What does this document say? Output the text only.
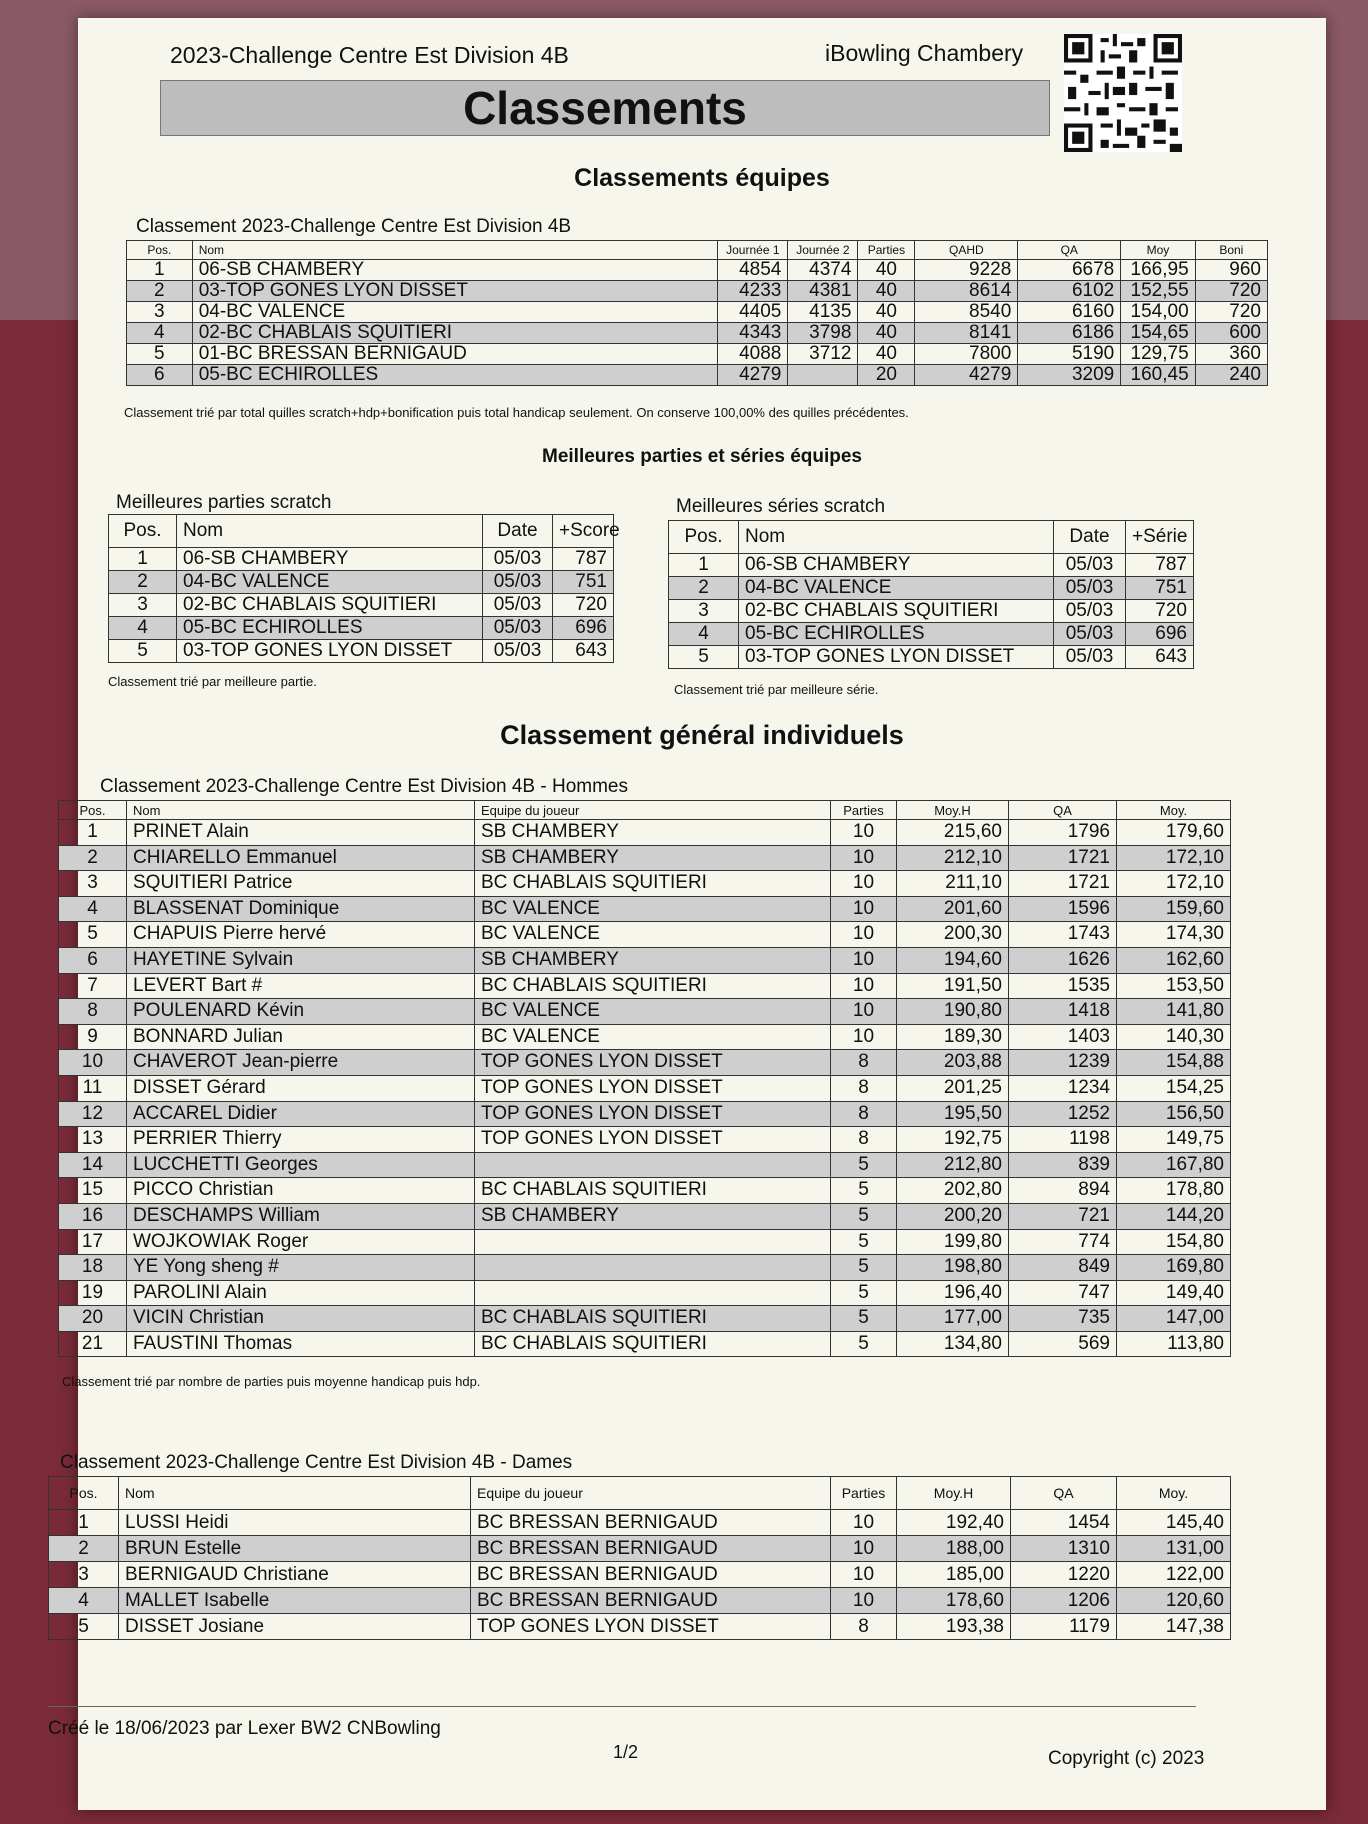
2023-Challenge Centre Est Division 4B	iBowling Chambery
Classements
Classements équipes
Classement 2023-Challenge Centre Est Division 4B
Pos.	Nom	Journée 1	Journée 2	Parties	QAHD	QA	Moy	Boni
1	06-SB CHAMBERY	4854	4374	40	9228	6678	166,95	960
2	03-TOP GONES LYON DISSET	4233	4381	40	8614	6102	152,55	720
3	04-BC VALENCE	4405	4135	40	8540	6160	154,00	720
4	02-BC CHABLAIS SQUITIERI	4343	3798	40	8141	6186	154,65	600
5	01-BC BRESSAN BERNIGAUD	4088	3712	40	7800	5190	129,75	360
6	05-BC ECHIROLLES	4279		20	4279	3209	160,45	240
Classement trié par total quilles scratch+hdp+bonification puis total handicap seulement. On conserve 100,00% des quilles précédentes.
Meilleures parties et séries équipes
Meilleures parties scratch
Pos.	Nom	Date	+Score
1	06-SB CHAMBERY	05/03	787
2	04-BC VALENCE	05/03	751
3	02-BC CHABLAIS SQUITIERI	05/03	720
4	05-BC ECHIROLLES	05/03	696
5	03-TOP GONES LYON DISSET	05/03	643
Classement trié par meilleure partie.
Meilleures séries scratch
Pos.	Nom	Date	+Série
1	06-SB CHAMBERY	05/03	787
2	04-BC VALENCE	05/03	751
3	02-BC CHABLAIS SQUITIERI	05/03	720
4	05-BC ECHIROLLES	05/03	696
5	03-TOP GONES LYON DISSET	05/03	643
Classement trié par meilleure série.
Classement général individuels
Classement 2023-Challenge Centre Est Division 4B - Hommes
Pos.	Nom	Equipe du joueur	Parties	Moy.H	QA	Moy.
1	PRINET Alain	SB CHAMBERY	10	215,60	1796	179,60
2	CHIARELLO Emmanuel	SB CHAMBERY	10	212,10	1721	172,10
3	SQUITIERI Patrice	BC CHABLAIS SQUITIERI	10	211,10	1721	172,10
4	BLASSENAT Dominique	BC VALENCE	10	201,60	1596	159,60
5	CHAPUIS Pierre hervé	BC VALENCE	10	200,30	1743	174,30
6	HAYETINE Sylvain	SB CHAMBERY	10	194,60	1626	162,60
7	LEVERT Bart #	BC CHABLAIS SQUITIERI	10	191,50	1535	153,50
8	POULENARD Kévin	BC VALENCE	10	190,80	1418	141,80
9	BONNARD Julian	BC VALENCE	10	189,30	1403	140,30
10	CHAVEROT Jean-pierre	TOP GONES LYON DISSET	8	203,88	1239	154,88
11	DISSET Gérard	TOP GONES LYON DISSET	8	201,25	1234	154,25
12	ACCAREL Didier	TOP GONES LYON DISSET	8	195,50	1252	156,50
13	PERRIER Thierry	TOP GONES LYON DISSET	8	192,75	1198	149,75
14	LUCCHETTI Georges		5	212,80	839	167,80
15	PICCO Christian	BC CHABLAIS SQUITIERI	5	202,80	894	178,80
16	DESCHAMPS William	SB CHAMBERY	5	200,20	721	144,20
17	WOJKOWIAK Roger		5	199,80	774	154,80
18	YE Yong sheng #		5	198,80	849	169,80
19	PAROLINI Alain		5	196,40	747	149,40
20	VICIN Christian	BC CHABLAIS SQUITIERI	5	177,00	735	147,00
21	FAUSTINI Thomas	BC CHABLAIS SQUITIERI	5	134,80	569	113,80
Classement trié par nombre de parties puis moyenne handicap puis hdp.
Classement 2023-Challenge Centre Est Division 4B - Dames
Pos.	Nom	Equipe du joueur	Parties	Moy.H	QA	Moy.
1	LUSSI Heidi	BC BRESSAN BERNIGAUD	10	192,40	1454	145,40
2	BRUN Estelle	BC BRESSAN BERNIGAUD	10	188,00	1310	131,00
3	BERNIGAUD Christiane	BC BRESSAN BERNIGAUD	10	185,00	1220	122,00
4	MALLET Isabelle	BC BRESSAN BERNIGAUD	10	178,60	1206	120,60
5	DISSET Josiane	TOP GONES LYON DISSET	8	193,38	1179	147,38
Créé le 18/06/2023 par Lexer BW2 CNBowling
1/2	Copyright (c) 2023
